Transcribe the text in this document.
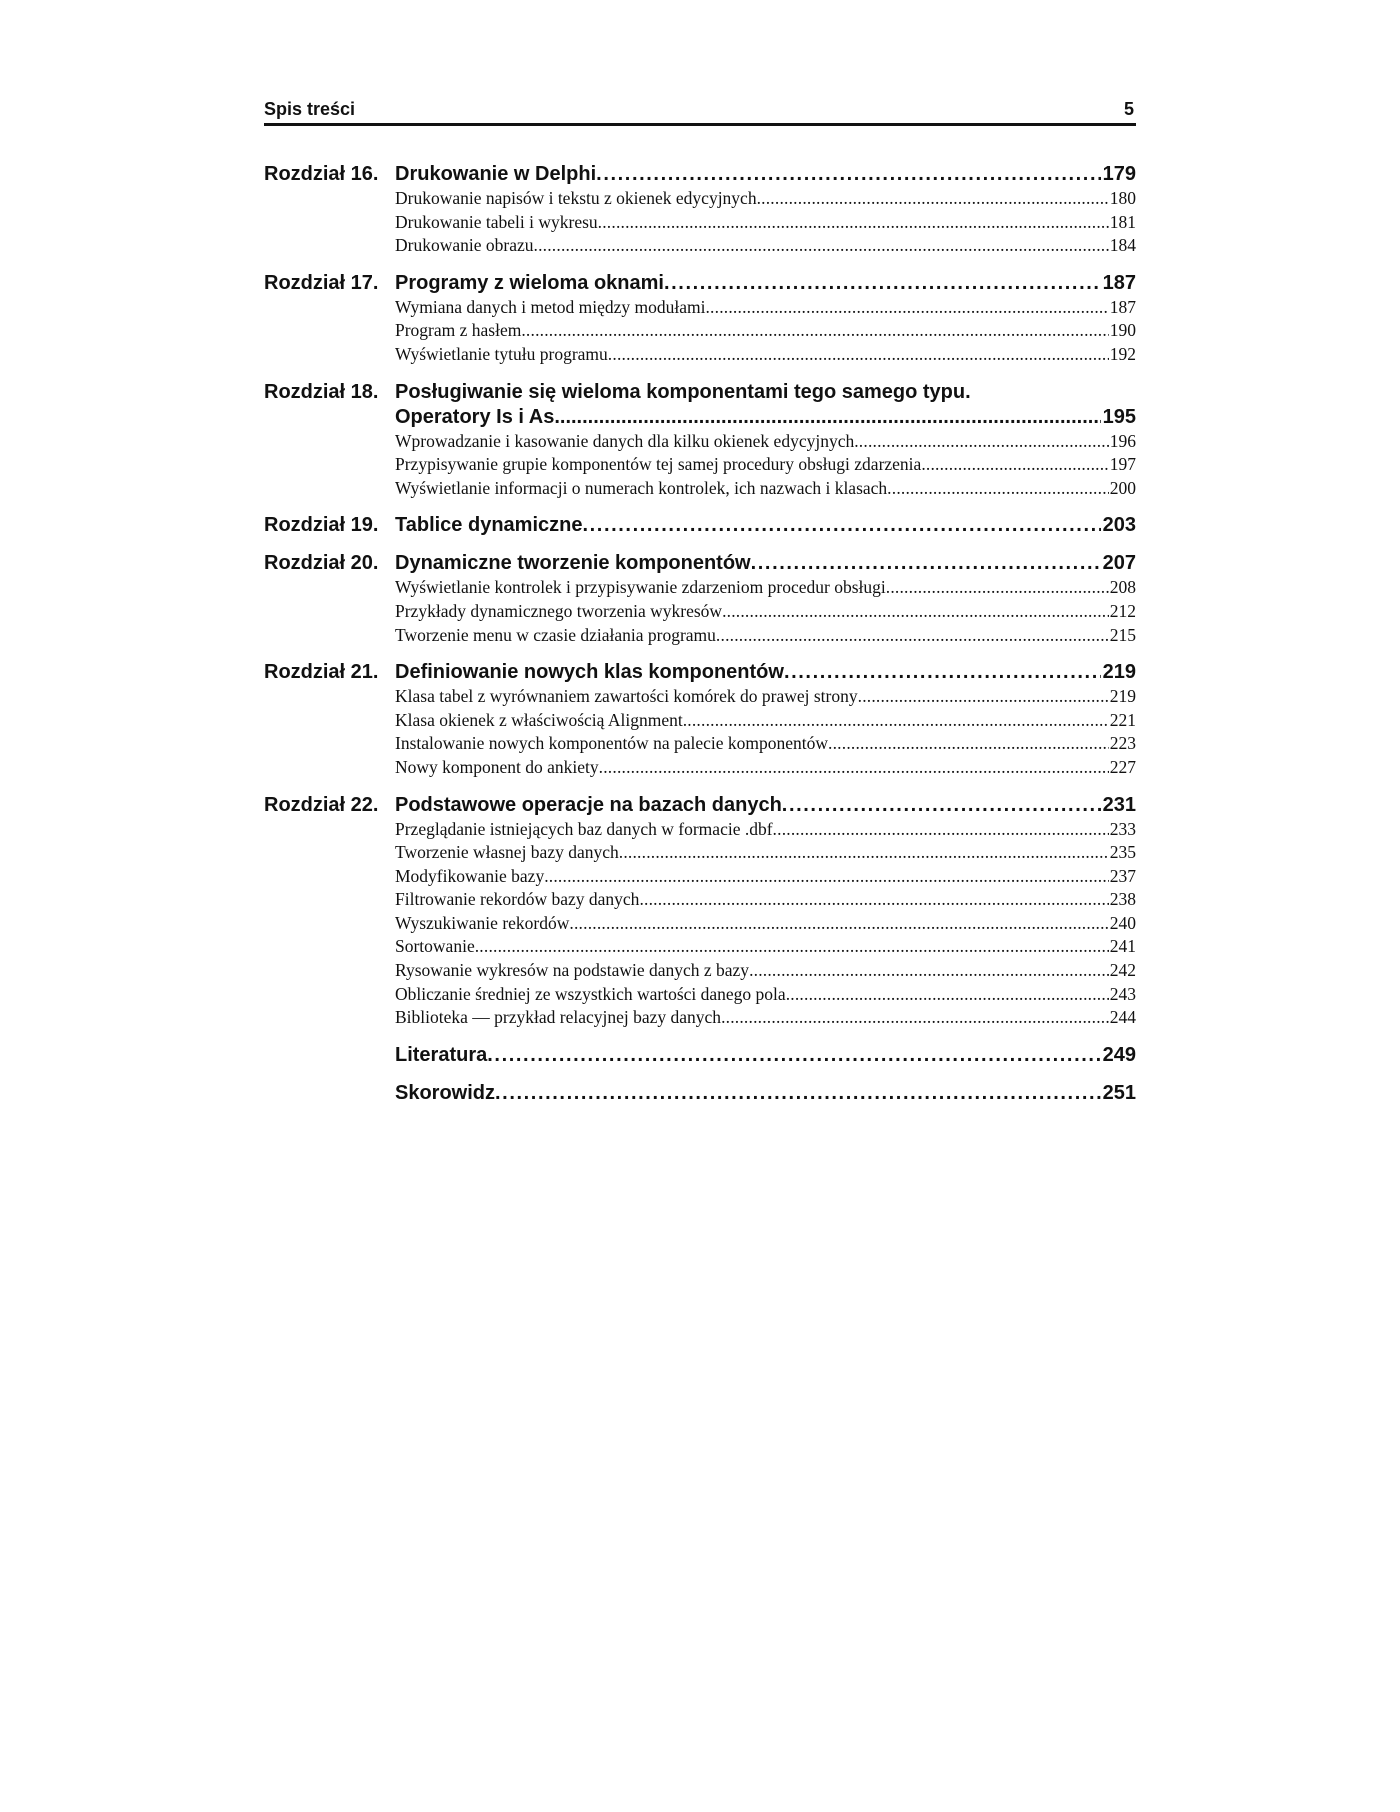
Spis treści	5
Rozdział 16. Drukowanie w Delphi .....	179
Drukowanie napisów i tekstu z okienek edycyjnych .....	180
Drukowanie tabeli i wykresu .....	181
Drukowanie obrazu .....	184
Rozdział 17. Programy z wieloma oknami .....	187
Wymiana danych i metod między modułami .....	187
Program z hasłem .....	190
Wyświetlanie tytułu programu .....	192
Rozdział 18. Posługiwanie się wieloma komponentami tego samego typu.
Operatory Is i As .....	195
Wprowadzanie i kasowanie danych dla kilku okienek edycyjnych .....	196
Przypisywanie grupie komponentów tej samej procedury obsługi zdarzenia .....	197
Wyświetlanie informacji o numerach kontrolek, ich nazwach i klasach .....	200
Rozdział 19. Tablice dynamiczne .....	203
Rozdział 20. Dynamiczne tworzenie komponentów .....	207
Wyświetlanie kontrolek i przypisywanie zdarzeniom procedur obsługi .....	208
Przykłady dynamicznego tworzenia wykresów .....	212
Tworzenie menu w czasie działania programu .....	215
Rozdział 21. Definiowanie nowych klas komponentów .....	219
Klasa tabel z wyrównaniem zawartości komórek do prawej strony .....	219
Klasa okienek z właściwością Alignment .....	221
Instalowanie nowych komponentów na palecie komponentów .....	223
Nowy komponent do ankiety .....	227
Rozdział 22. Podstawowe operacje na bazach danych .....	231
Przeglądanie istniejących baz danych w formacie .dbf .....	233
Tworzenie własnej bazy danych .....	235
Modyfikowanie bazy .....	237
Filtrowanie rekordów bazy danych .....	238
Wyszukiwanie rekordów .....	240
Sortowanie .....	241
Rysowanie wykresów na podstawie danych z bazy .....	242
Obliczanie średniej ze wszystkich wartości danego pola .....	243
Biblioteka — przykład relacyjnej bazy danych .....	244
Literatura .....	249
Skorowidz .....	251
